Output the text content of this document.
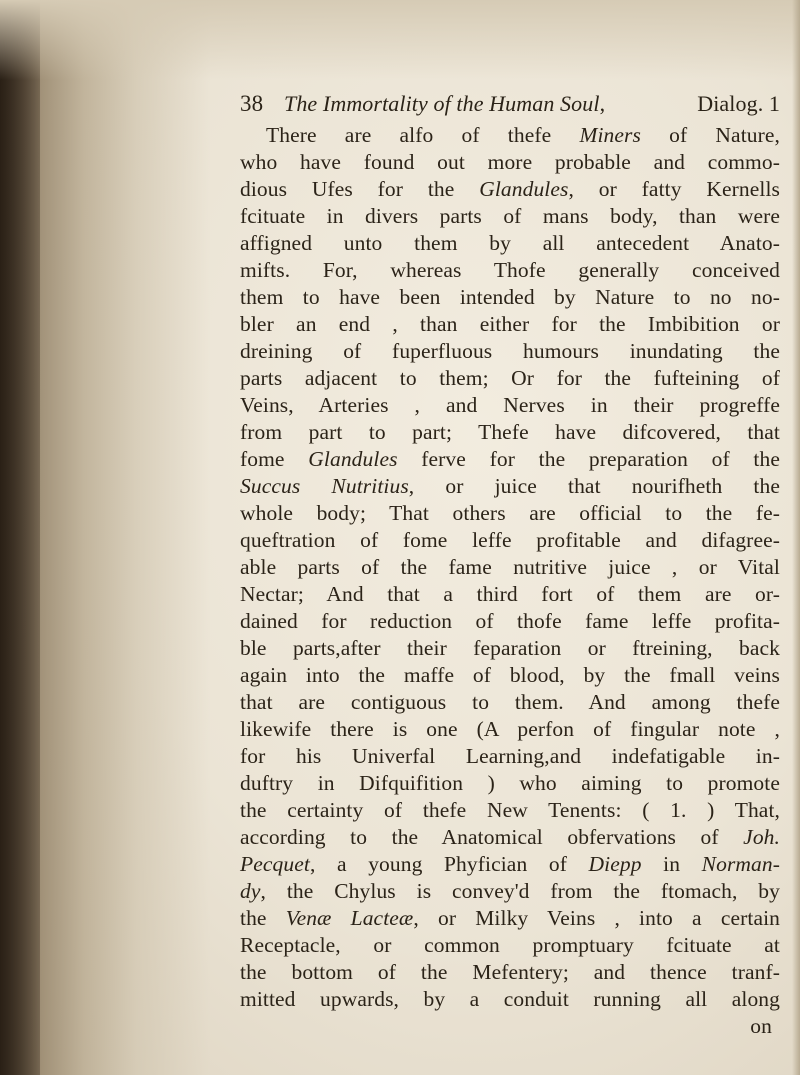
38 The Immortality of the Human Soul,	Dialog. 1
There are alfo of thefe Miners of Nature,
who have found out more probable and commo-
dious Ufes for the Glandules, or fatty Kernells
fcituate in divers parts of mans body, than were
affigned unto them by all antecedent Anato-
mifts. For, whereas Thofe generally conceived
them to have been intended by Nature to no no-
bler an end , than either for the Imbibition or
dreining of fuperfluous humours inundating the
parts adjacent to them; Or for the fufteining of
Veins, Arteries , and Nerves in their progreffe
from part to part; Thefe have difcovered, that
fome Glandules ferve for the preparation of the
Succus Nutritius, or juice that nourifheth the
whole body; That others are official to the fe-
queftration of fome leffe profitable and difagree-
able parts of the fame nutritive juice , or Vital
Nectar; And that a third fort of them are or-
dained for reduction of thofe fame leffe profita-
ble parts,after their feparation or ftreining, back
again into the maffe of blood, by the fmall veins
that are contiguous to them. And among thefe
likewife there is one (A perfon of fingular note ,
for his Univerfal Learning,and indefatigable in-
duftry in Difquifition ) who aiming to promote
the certainty of thefe New Tenents: ( 1. ) That,
according to the Anatomical obfervations of Joh.
Pecquet, a young Phyfician of Diepp in Norman-
dy, the Chylus is convey'd from the ftomach, by
the Venæ Lacteæ, or Milky Veins , into a certain
Receptacle, or common promptuary fcituate at
the bottom of the Mefentery; and thence tranf-
mitted upwards, by a conduit running all along
on
